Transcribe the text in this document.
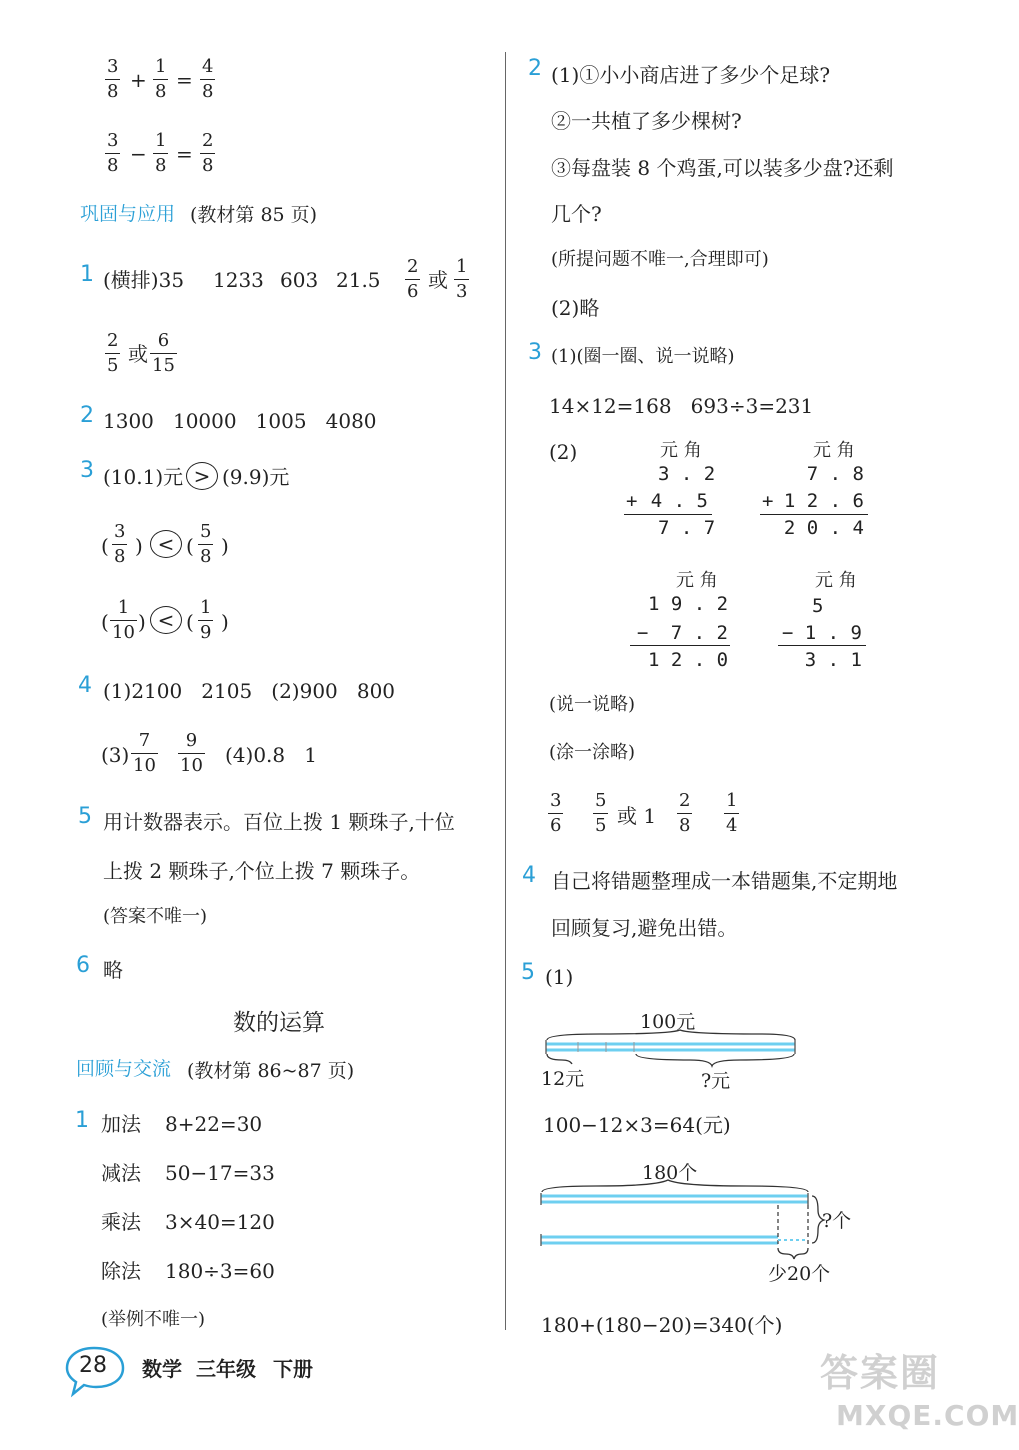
3
8 +
1
8 =
4
8
3
8 −
1
8 =
2
8
巩固与应用 (教材第 85 页)
1 (横排)35 1233 603 21.5
2
6 或
1
3
2
5 或
6
15
2 1300   10000   1005   4080
3 (10.1)元 > (9.9)元
(
3
8 ) < (
5
8 )
(
1
10 ) < (
1
9 )
4 (1)2100   2105   (2)900   800
(3)
7
10
9
10 (4)0.8   1
5 用计数器表示。百位上拨 1 颗珠子,十位
上拨 2 颗珠子,个位上拨 7 颗珠子。
(答案不唯一)
6 略
数的运算
回顾与交流 (教材第 86~87 页)
1 加法 8+22=30
减法 50−17=33
乘法 3×40=120
除法 180÷3=60
(举例不唯一)
2 (1)①小小商店进了多少个足球?
②一共植了多少棵树?
③每盘装 8 个鸡蛋,可以装多少盘?还剩
几个?
(所提问题不唯一,合理即可)
(2)略
3 (1)(圈一圈、说一说略)
14×12=168   693÷3=231
(2)	元 角
3 . 2
+ 4 . 5
7 . 7
元 角
7 . 8
+ 1 2 . 6
2 0 . 4
元 角
1 9 . 2
− 7 . 2
1 2 . 0
元 角
5
− 1 . 9
3 . 1
(说一说略)
(涂一涂略)
3
6
5
5 或 1
2
8
1
4
4 自己将错题整理成一本错题集,不定期地
回顾复习,避免出错。
5 (1)
100元
12元	?元
100−12×3=64(元)
180个
?个
少20个
180+(180−20)=340(个)
28 数学 三年级 下册	答案圈
MXQE.COM
